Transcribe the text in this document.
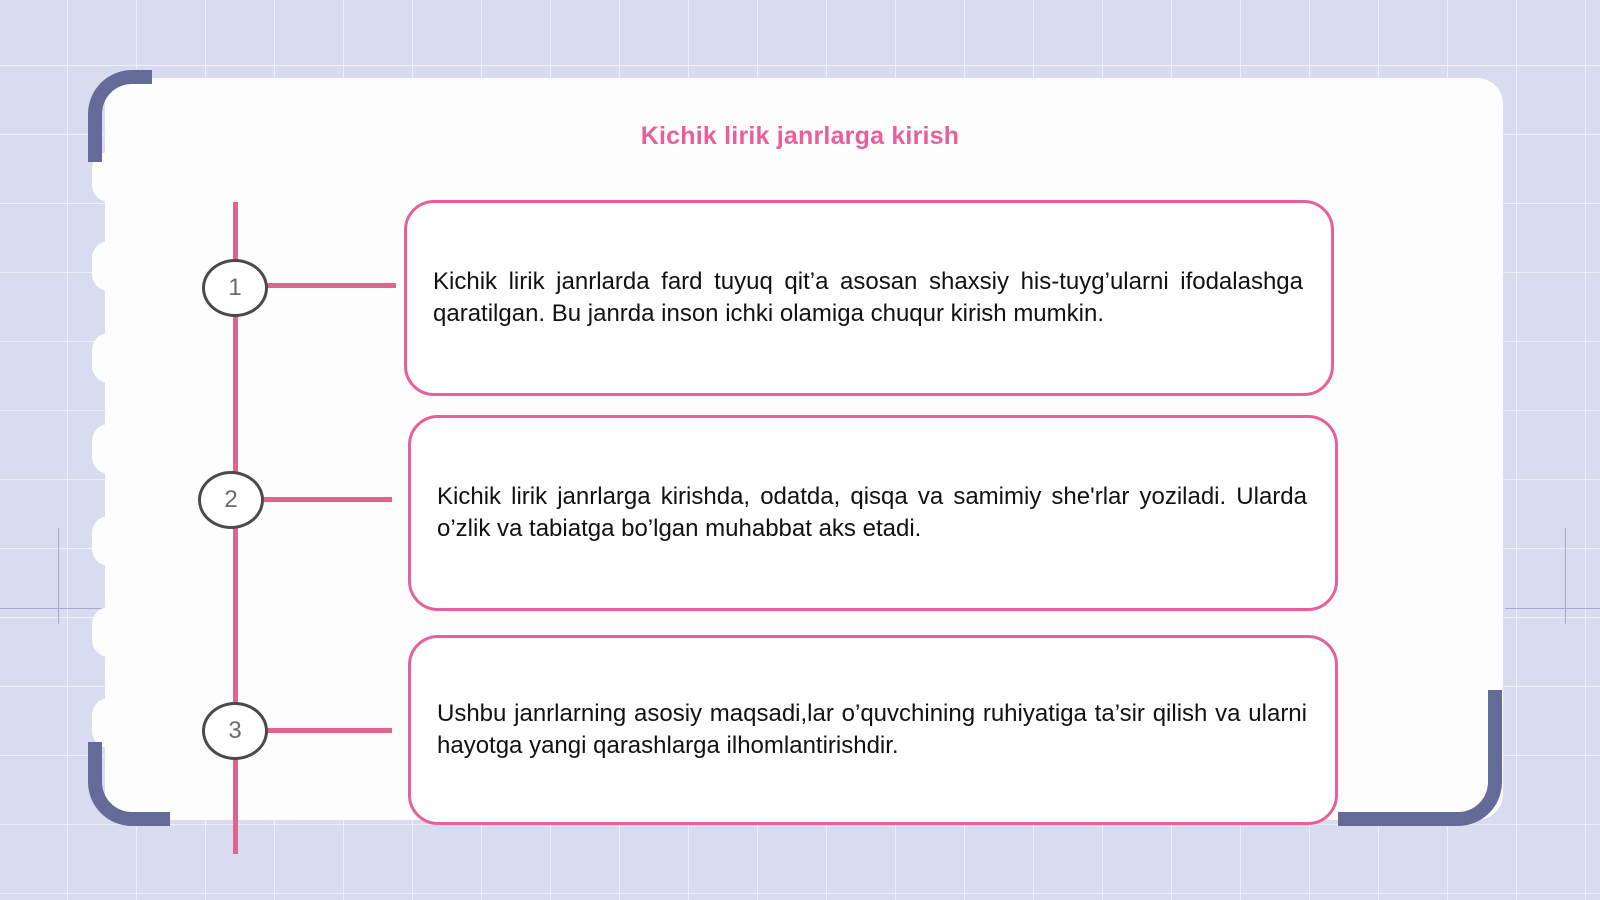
Kichik lirik janrlarga kirish
1
2
3

Kichik lirik janrlarda fard tuyuq qit’a asosan shaxsiy his-tuyg’ularni ifodalashga qaratilgan. Bu janrda inson ichki olamiga chuqur kirish mumkin.

Kichik lirik janrlarga kirishda, odatda, qisqa va samimiy she'rlar yoziladi. Ularda o’zlik va tabiatga bo’lgan muhabbat aks etadi.

Ushbu janrlarning asosiy maqsadi,lar o’quvchining ruhiyatiga ta’sir qilish va ularni hayotga yangi qarashlarga ilhomlantirishdir.
